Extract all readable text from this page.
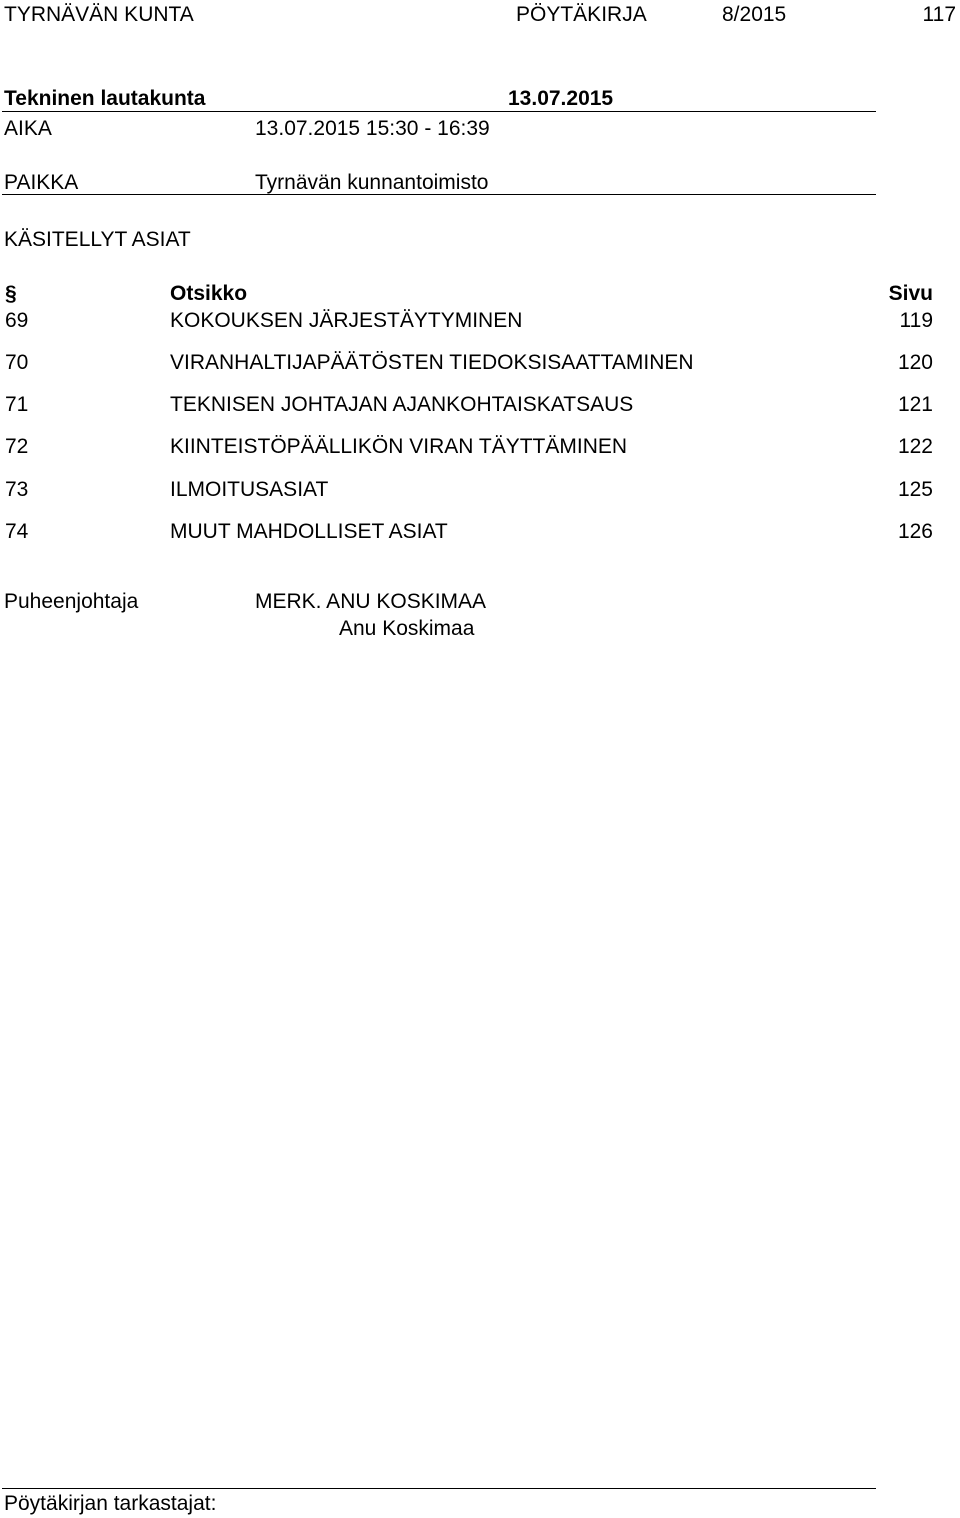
TYRNÄVÄN KUNTA	PÖYTÄKIRJA	8/2015	117
Tekninen lautakunta	13.07.2015
AIKA	13.07.2015 15:30 - 16:39
PAIKKA	Tyrnävän kunnantoimisto
KÄSITELLYT ASIAT
§	Otsikko	Sivu
69	KOKOUKSEN JÄRJESTÄYTYMINEN	119
70	VIRANHALTIJAPÄÄTÖSTEN TIEDOKSISAATTAMINEN	120
71	TEKNISEN JOHTAJAN AJANKOHTAISKATSAUS	121
72	KIINTEISTÖPÄÄLLIKÖN VIRAN TÄYTTÄMINEN	122
73	ILMOITUSASIAT	125
74	MUUT MAHDOLLISET ASIAT	126
Puheenjohtaja	MERK. ANU KOSKIMAA
Anu Koskimaa
Pöytäkirjan tarkastajat:
